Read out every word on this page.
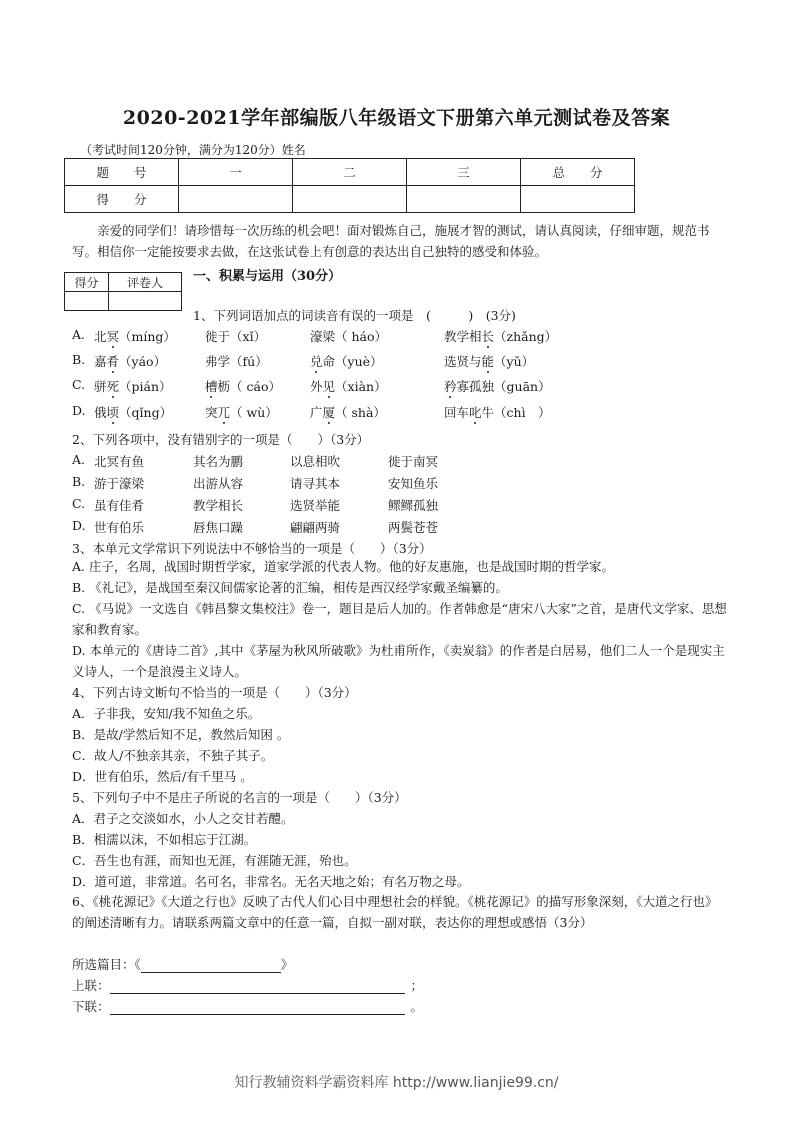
2020-2021学年部编版八年级语文下册第六单元测试卷及答案
（考试时间120分钟，满分为120分）姓名
题　　号	一	二	三	总　　分
得　　分				
亲爱的同学们！请珍惜每一次历练的机会吧！面对锻炼自己，施展才智的测试，请认真阅读，仔细审题，规范书写。相信你一定能按要求去做，在这张试卷上有创意的表达出自己独特的感受和体验。
得分	评卷人
	一、积累与运用（30分）
1、下列词语加点的词读音有误的一项是　(　　　)　(3分)
A. 北冥（míng） 徙于（xǐ）	濠梁（ háo）	教学相长（zhǎng）
B. 嘉肴（yáo）	弗学（fú）	兑命（yuè）	选贤与能（yǔ）
C. 骈死（pián）	槽枥（ cáo） 外见（xiàn）	矜寡孤独（guān）
D. 俄顷（qǐng）	突兀（ wù）	广厦（ shà）	回车叱牛（chì　）
2、下列各项中，没有错别字的一项是（　　）（3分）
A. 北冥有鱼	其名为鹏	以息相吹	徙于南冥
B. 游于濠梁	出游从容	请寻其本	安知鱼乐
C. 虽有佳肴	教学相长	选贤举能	鳏鳏孤独
D. 世有伯乐	唇焦口躁	翩翩两骑	两鬓苍苍
3、本单元文学常识下列说法中不够恰当的一项是（　　）（3分）
A. 庄子，名周，战国时期哲学家，道家学派的代表人物。他的好友惠施，也是战国时期的哲学家。
B. 《礼记》，是战国至秦汉间儒家论著的汇编，相传是西汉经学家戴圣编纂的。
C. 《马说》一文选自《韩昌黎文集校注》卷一，题目是后人加的。作者韩愈是“唐宋八大家”之首，是唐代文学家、思想家和教育家。
D. 本单元的《唐诗二首》,其中《茅屋为秋风所破歌》为杜甫所作，《卖炭翁》的作者是白居易，他们二人一个是现实主义诗人，一个是浪漫主义诗人。
4、下列古诗文断句不恰当的一项是（　　）（3分）
A．子非我，安知/我不知鱼之乐。
B．是故/学然后知不足，教然后知困 。
C．故人/不独亲其亲，不独子其子。
D．世有伯乐，然后/有千里马 。
5、下列句子中不是庄子所说的名言的一项是（　　）（3分）
A．君子之交淡如水，小人之交甘若醴。
B．相濡以沫，不如相忘于江湖。
C．吾生也有涯，而知也无涯，有涯随无涯，殆也。
D．道可道，非常道。名可名，非常名。无名天地之始；有名万物之母。
6、《桃花源记》《大道之行也》反映了古代人们心目中理想社会的样貌。《桃花源记》的描写形象深刻，《大道之行也》的阐述清晰有力。请联系两篇文章中的任意一篇，自拟一副对联，表达你的理想或感悟（3分）
所选篇目：《	》
上联：	；
下联：	。
知行教辅资料学霸资料库 http://www.lianjie99.cn/
